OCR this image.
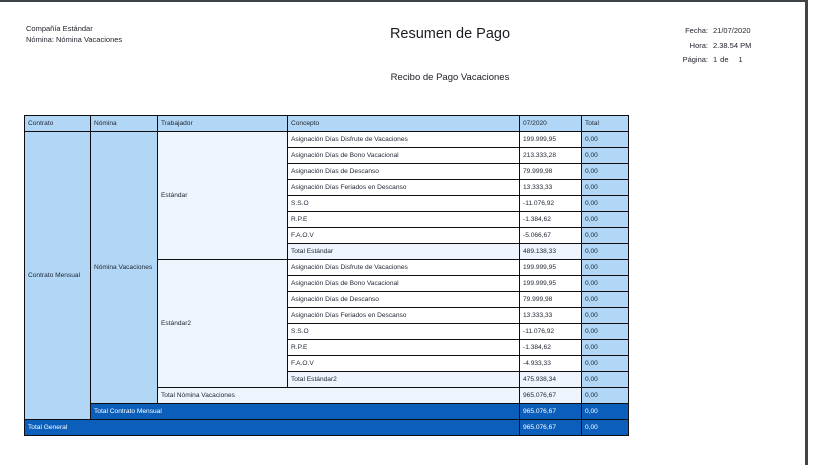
Compañía Estándar
Nómina: Nómina Vacaciones	Resumen de Pago

Recibo de Pago Vacaciones

Fecha: 21/07/2020
Hora: 2.38.54 PM
Página: 1 de 1
Contrato	Nómina	Trabajador	Concepto	07/2020	Total
Contrato Mensual	Nómina Vacaciones	Estándar	Asignación Días Disfrute de Vacaciones	199.999,95	0,00
			Asignación Días de Bono Vacacional	213.333,28	0,00
			Asignación Días de Descanso	79.999,98	0,00
			Asignación Días Feriados en Descanso	13.333,33	0,00
			S.S.O	-11.076,92	0,00
			R.P.E	-1.384,62	0,00
			F.A.O.V	-5.066,67	0,00
			Total Estándar	489.138,33	0,00
		Estándar2	Asignación Días Disfrute de Vacaciones	199.999,95	0,00
			Asignación Días de Bono Vacacional	199.999,95	0,00
			Asignación Días de Descanso	79.999,98	0,00
			Asignación Días Feriados en Descanso	13.333,33	0,00
			S.S.O	-11.076,92	0,00
			R.P.E	-1.384,62	0,00
			F.A.O.V	-4.933,33	0,00
			Total Estándar2	475.938,34	0,00
		Total Nómina Vacaciones		965.076,67	0,00
	Total Contrato Mensual			965.076,67	0,00
Total General				965.076,67	0,00
